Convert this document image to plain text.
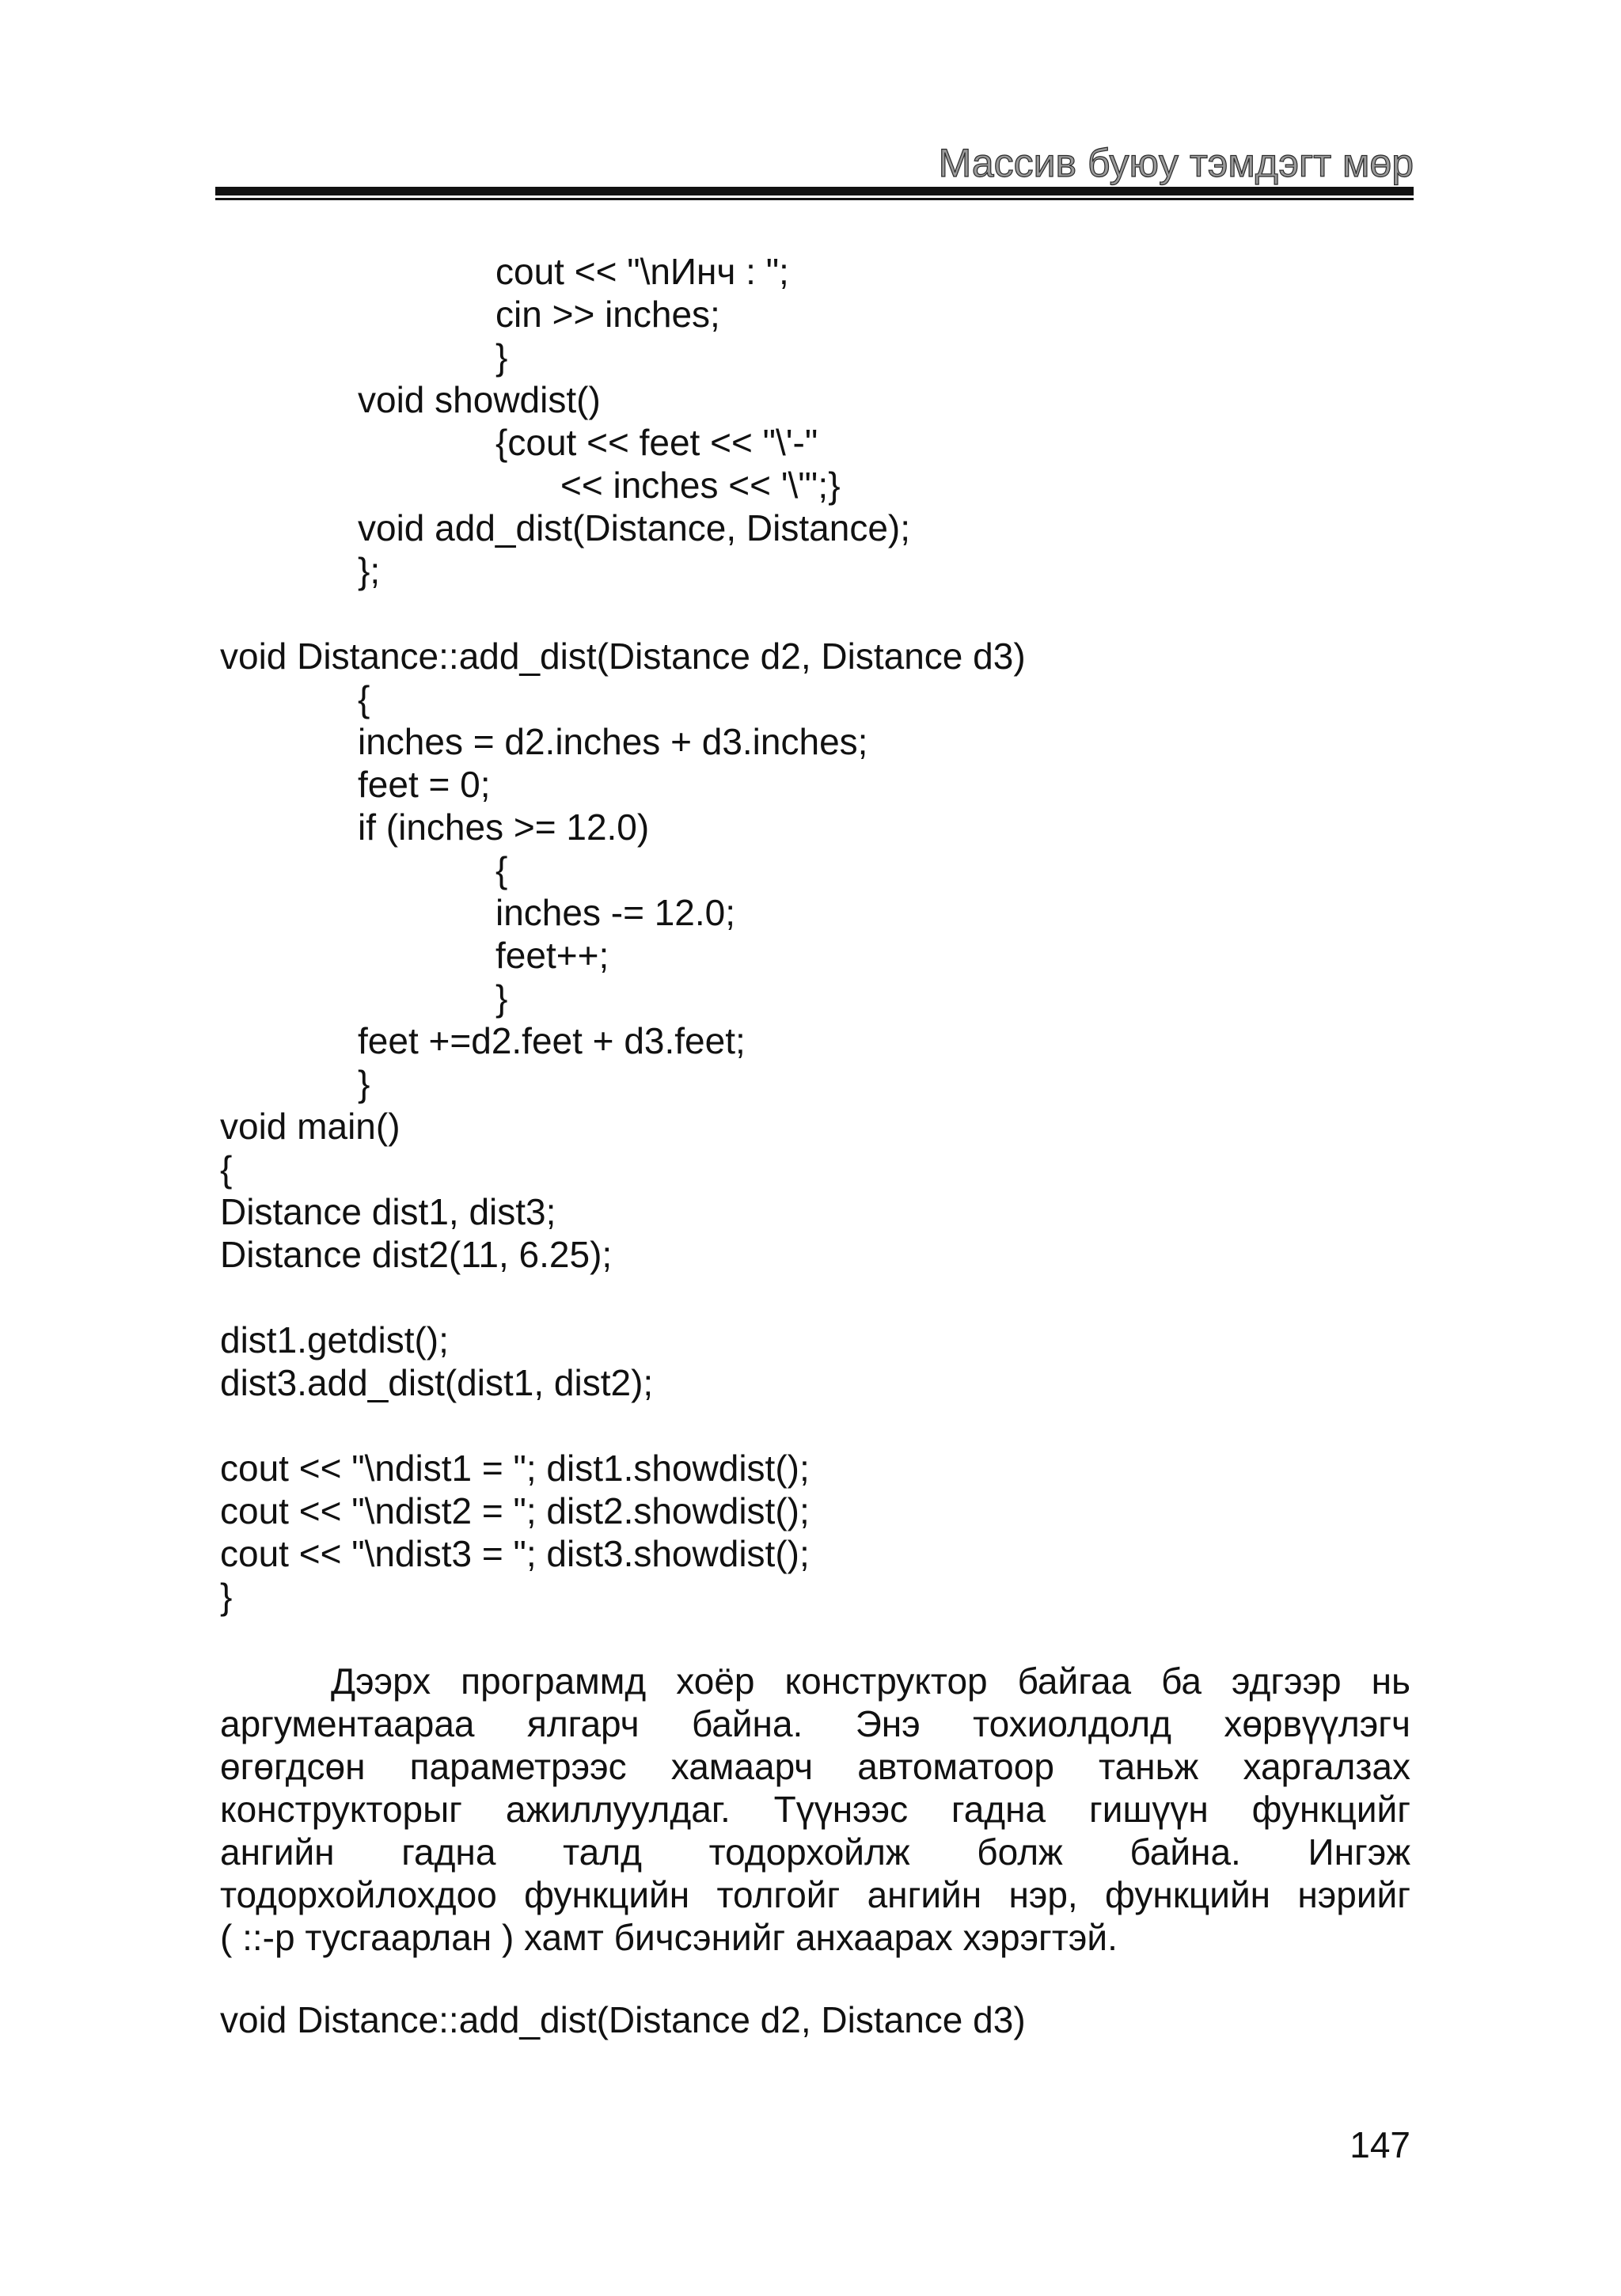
Массив буюу тэмдэгт мөр
cout << "\nИнч : ";
cin >> inches;
}
void showdist()
{cout << feet << "\'-"
<< inches << '\"';}
void add_dist(Distance, Distance);
};
void Distance::add_dist(Distance d2, Distance d3)
{
inches = d2.inches + d3.inches;
feet = 0;
if (inches >= 12.0)
{
inches -= 12.0;
feet++;
}
feet +=d2.feet + d3.feet;
}
void main()
{
Distance dist1, dist3;
Distance dist2(11, 6.25);
dist1.getdist();
dist3.add_dist(dist1, dist2);
cout << "\ndist1 = "; dist1.showdist();
cout << "\ndist2 = "; dist2.showdist();
cout << "\ndist3 = "; dist3.showdist();
}
Дээрх программд хоёр конструктор байгаа ба эдгээр нь
аргументаараа ялгарч байна. Энэ тохиолдолд хөрвүүлэгч
өгөгдсөн параметрээс хамаарч автоматоор таньж харгалзах
конструкторыг ажиллуулдаг. Түүнээс гадна гишүүн функцийг
ангийн гадна талд тодорхойлж болж байна. Ингэж
тодорхойлохдоо функцийн толгойг ангийн нэр, функцийн нэрийг
( ::-р тусгаарлан ) хамт бичсэнийг анхаарах хэрэгтэй.
void Distance::add_dist(Distance d2, Distance d3)
147
